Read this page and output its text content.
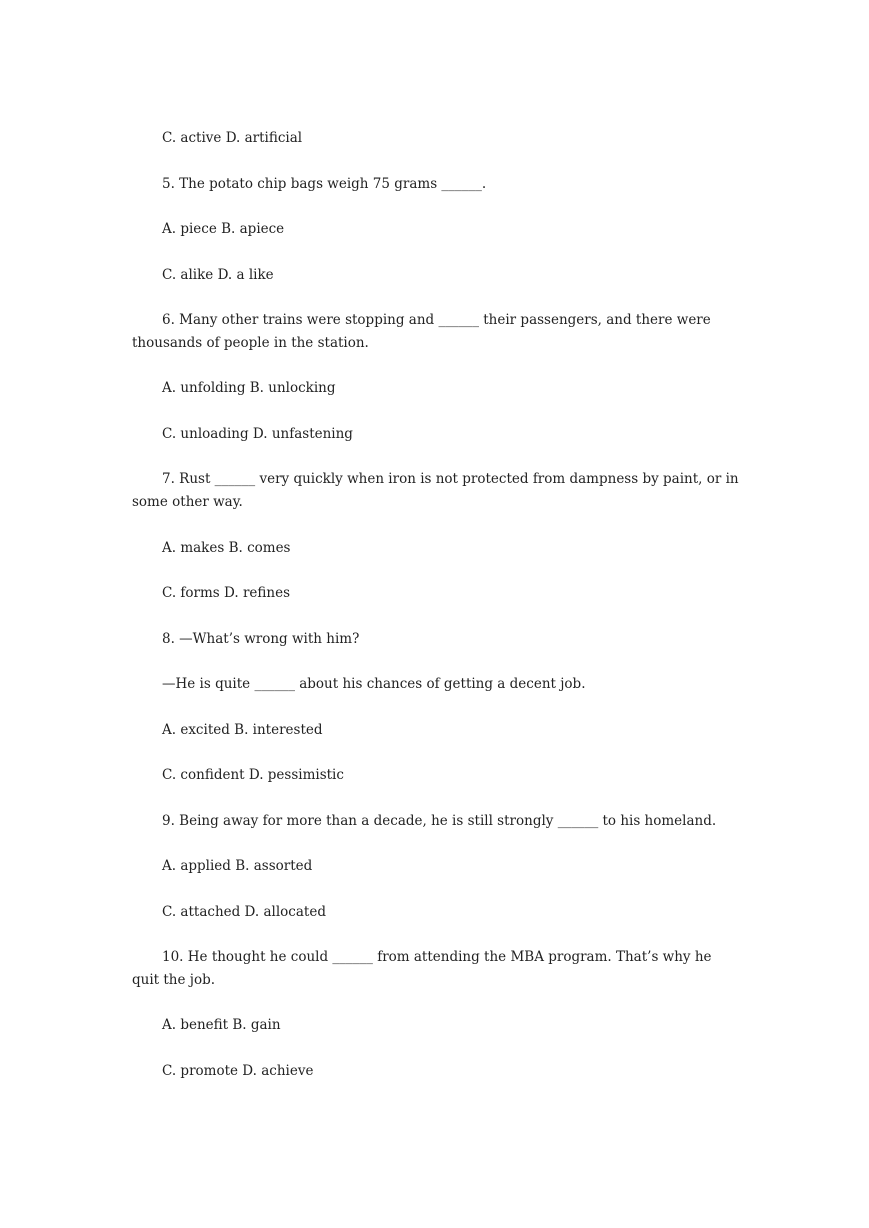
C. active D. artificial
5. The potato chip bags weigh 75 grams ______.
A. piece B. apiece
C. alike D. a like
6. Many other trains were stopping and ______ their passengers, and there were thousands of people in the station.
A. unfolding B. unlocking
C. unloading D. unfastening
7. Rust ______ very quickly when iron is not protected from dampness by paint, or in some other way.
A. makes B. comes
C. forms D. refines
8. —What’s wrong with him?
—He is quite ______ about his chances of getting a decent job.
A. excited B. interested
C. confident D. pessimistic
9. Being away for more than a decade, he is still strongly ______ to his homeland.
A. applied B. assorted
C. attached D. allocated
10. He thought he could ______ from attending the MBA program. That’s why he quit the job.
A. benefit B. gain
C. promote D. achieve
